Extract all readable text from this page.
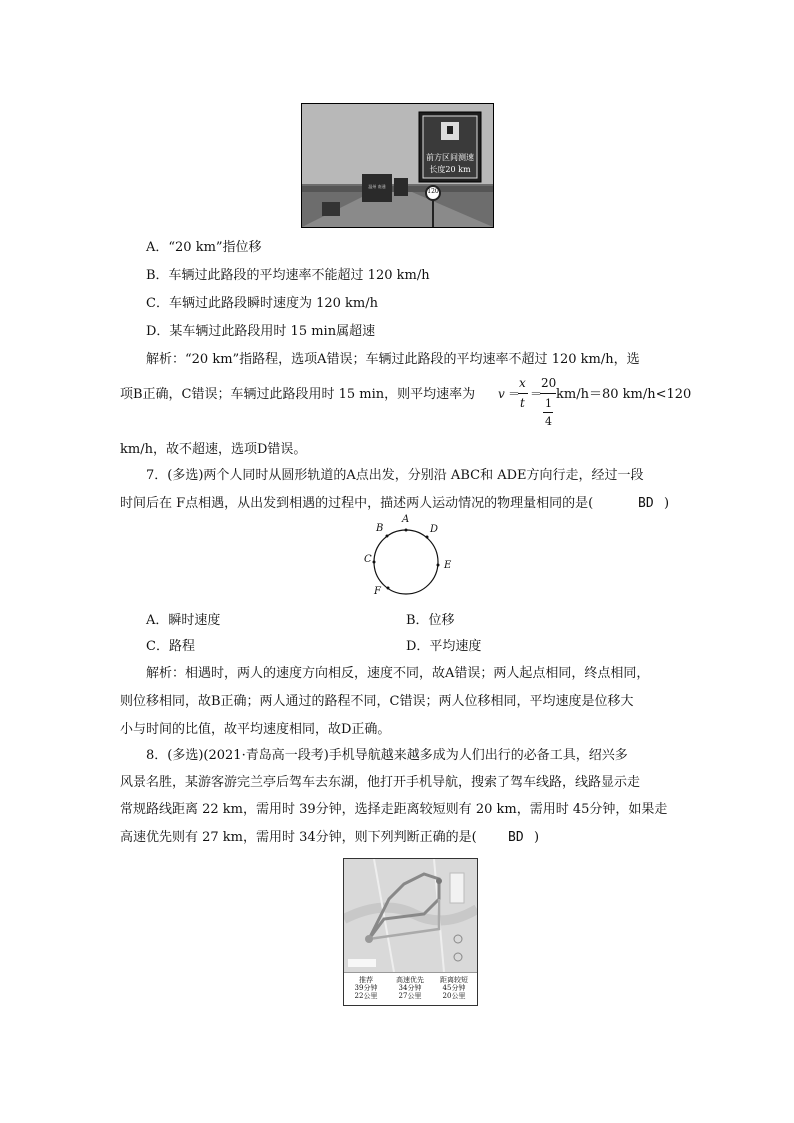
前方区间测速
长度20 km
120
温州 南通
A．“20 km”指位移
B．车辆过此路段的平均速率不能超过 120 km/h
C．车辆过此路段瞬时速度为 120 km/h
D．某车辆过此路段用时 15 min属超速
解析：“20 km”指路程，选项A错误；车辆过此路段的平均速率不超过 120 km/h，选
项B正确，C错误；车辆过此路段用时 15 min，则平均速率为 v ＝
x
t
＝
20
1
4
km/h＝80 km/h<120
km/h，故不超速，选项D错误。
7．(多选)两个人同时从圆形轨道的A点出发，分别沿 ABC和 ADE方向行走，经过一段
时间后在 F点相遇，从出发到相遇的过程中，描述两人运动情况的物理量相同的是(	BD )
A
B	D
C
E
F
A．瞬时速度	B．位移
C．路程	D．平均速度
解析：相遇时，两人的速度方向相反，速度不同，故A错误；两人起点相同，终点相同，
则位移相同，故B正确；两人通过的路程不同，C错误；两人位移相同，平均速度是位移大
小与时间的比值，故平均速度相同，故D正确。
8．(多选)(2021·青岛高一段考)手机导航越来越多成为人们出行的必备工具，绍兴多
风景名胜，某游客游完兰亭后驾车去东湖，他打开手机导航，搜索了驾车线路，线路显示走
常规路线距离 22 km，需用时 39分钟，选择走距离较短则有 20 km，需用时 45分钟，如果走
高速优先则有 27 km，需用时 34分钟，则下列判断正确的是( BD )
推荐
39分钟
22公里
高速优先
34分钟
27公里
距离较短
45分钟
20公里
